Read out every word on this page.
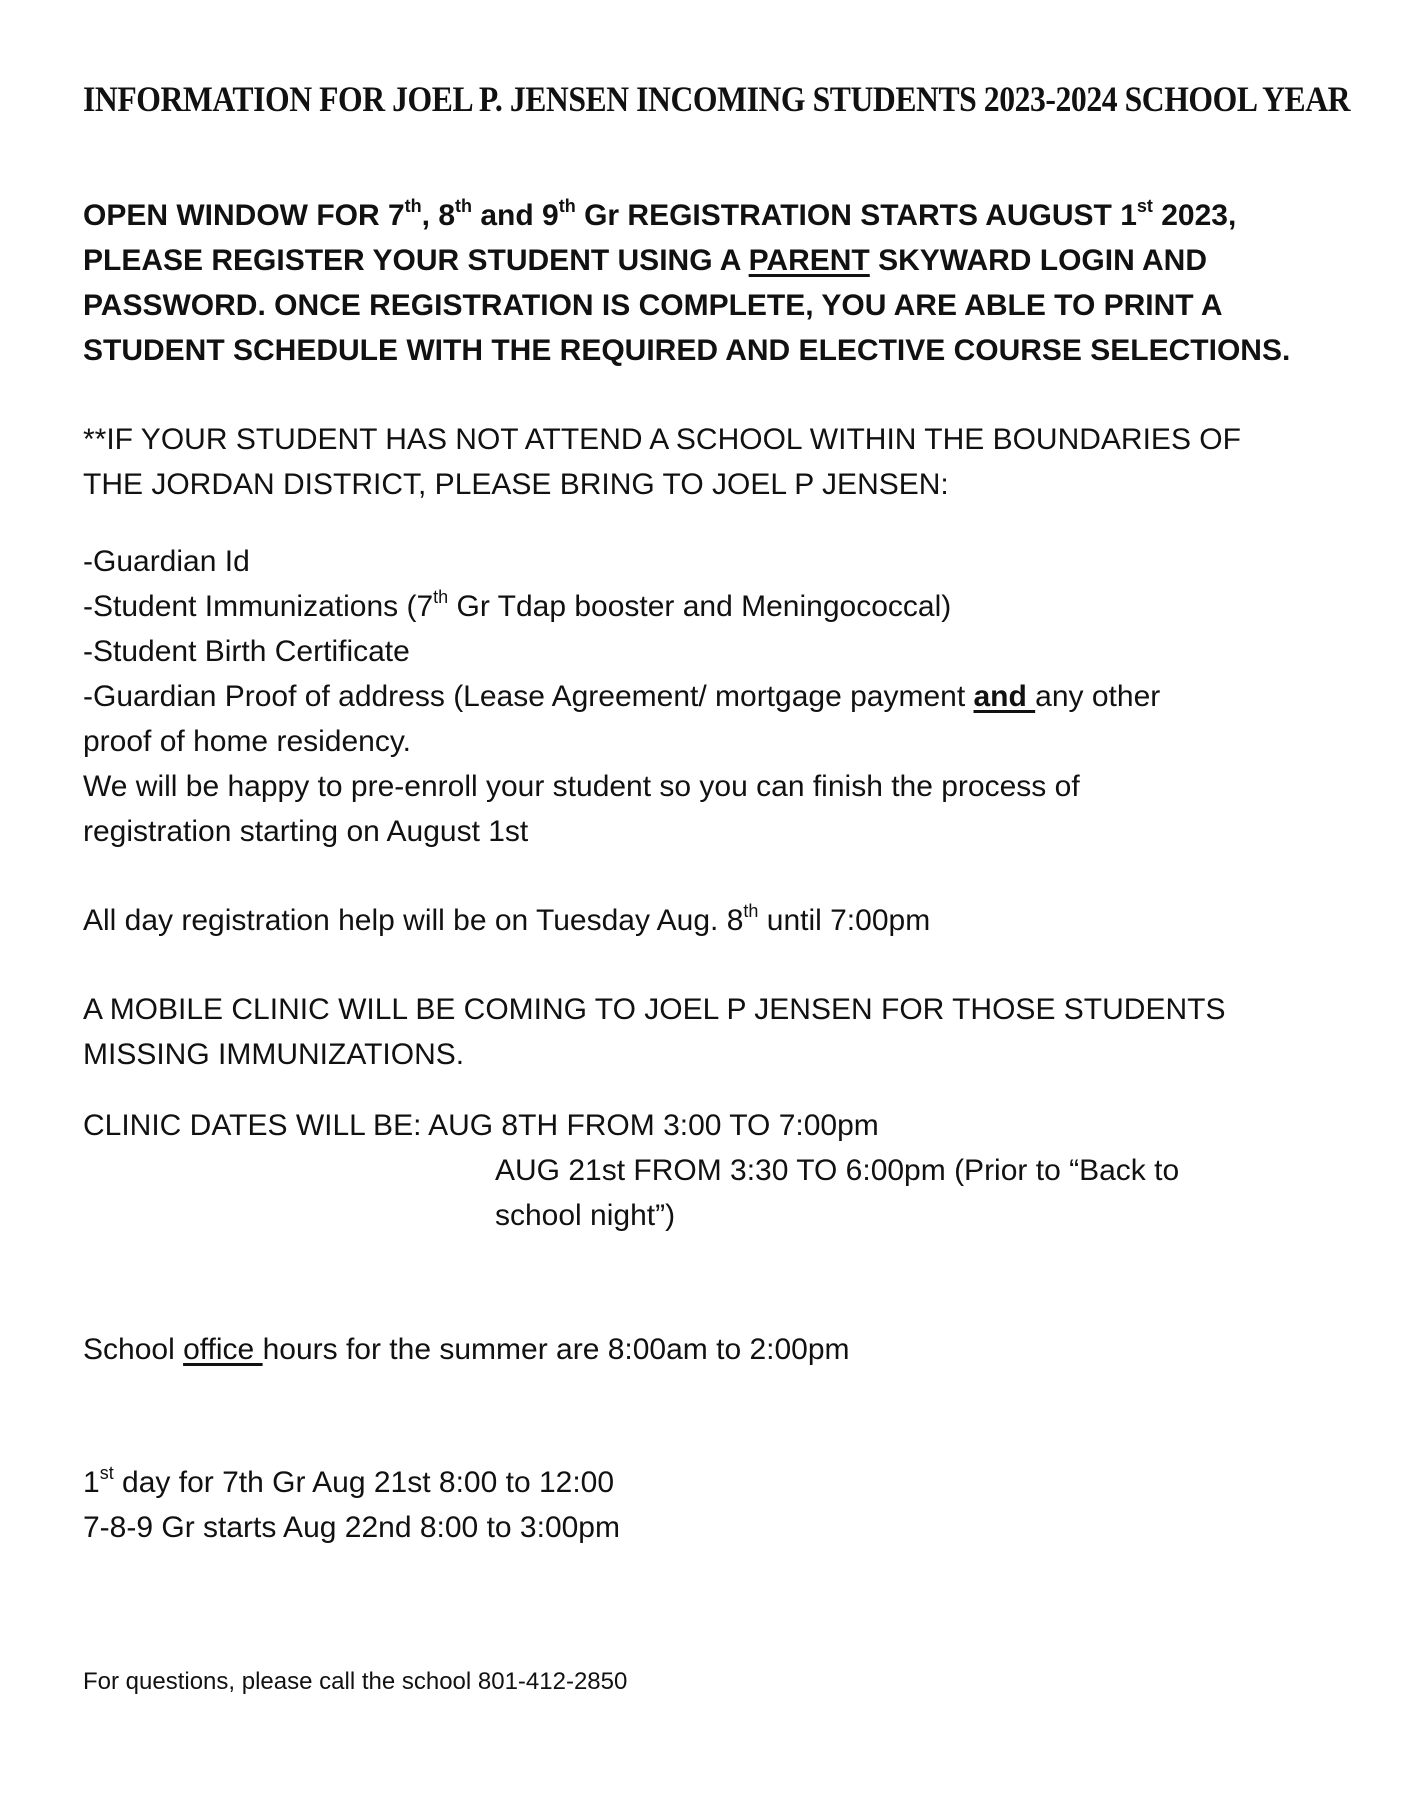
INFORMATION FOR JOEL P. JENSEN INCOMING STUDENTS 2023-2024 SCHOOL YEAR
OPEN WINDOW FOR 7th, 8th and 9th Gr REGISTRATION STARTS AUGUST 1st 2023,
PLEASE REGISTER YOUR STUDENT USING A PARENT SKYWARD LOGIN AND
PASSWORD. ONCE REGISTRATION IS COMPLETE, YOU ARE ABLE TO PRINT A
STUDENT SCHEDULE WITH THE REQUIRED AND ELECTIVE COURSE SELECTIONS.
**IF YOUR STUDENT HAS NOT ATTEND A SCHOOL WITHIN THE BOUNDARIES OF
THE JORDAN DISTRICT, PLEASE BRING TO JOEL P JENSEN:
-Guardian Id
-Student Immunizations (7th Gr Tdap booster and Meningococcal)
-Student Birth Certificate
-Guardian Proof of address (Lease Agreement/ mortgage payment and any other
proof of home residency.
We will be happy to pre-enroll your student so you can finish the process of
registration starting on August 1st
All day registration help will be on Tuesday Aug. 8th until 7:00pm
A MOBILE CLINIC WILL BE COMING TO JOEL P JENSEN FOR THOSE STUDENTS
MISSING IMMUNIZATIONS.
CLINIC DATES WILL BE: AUG 8TH FROM 3:00 TO 7:00pm
AUG 21st FROM 3:30 TO 6:00pm (Prior to “Back to
school night”)
School office hours for the summer are 8:00am to 2:00pm
1st day for 7th Gr Aug 21st 8:00 to 12:00
7-8-9 Gr starts Aug 22nd 8:00 to 3:00pm
For questions, please call the school 801-412-2850
